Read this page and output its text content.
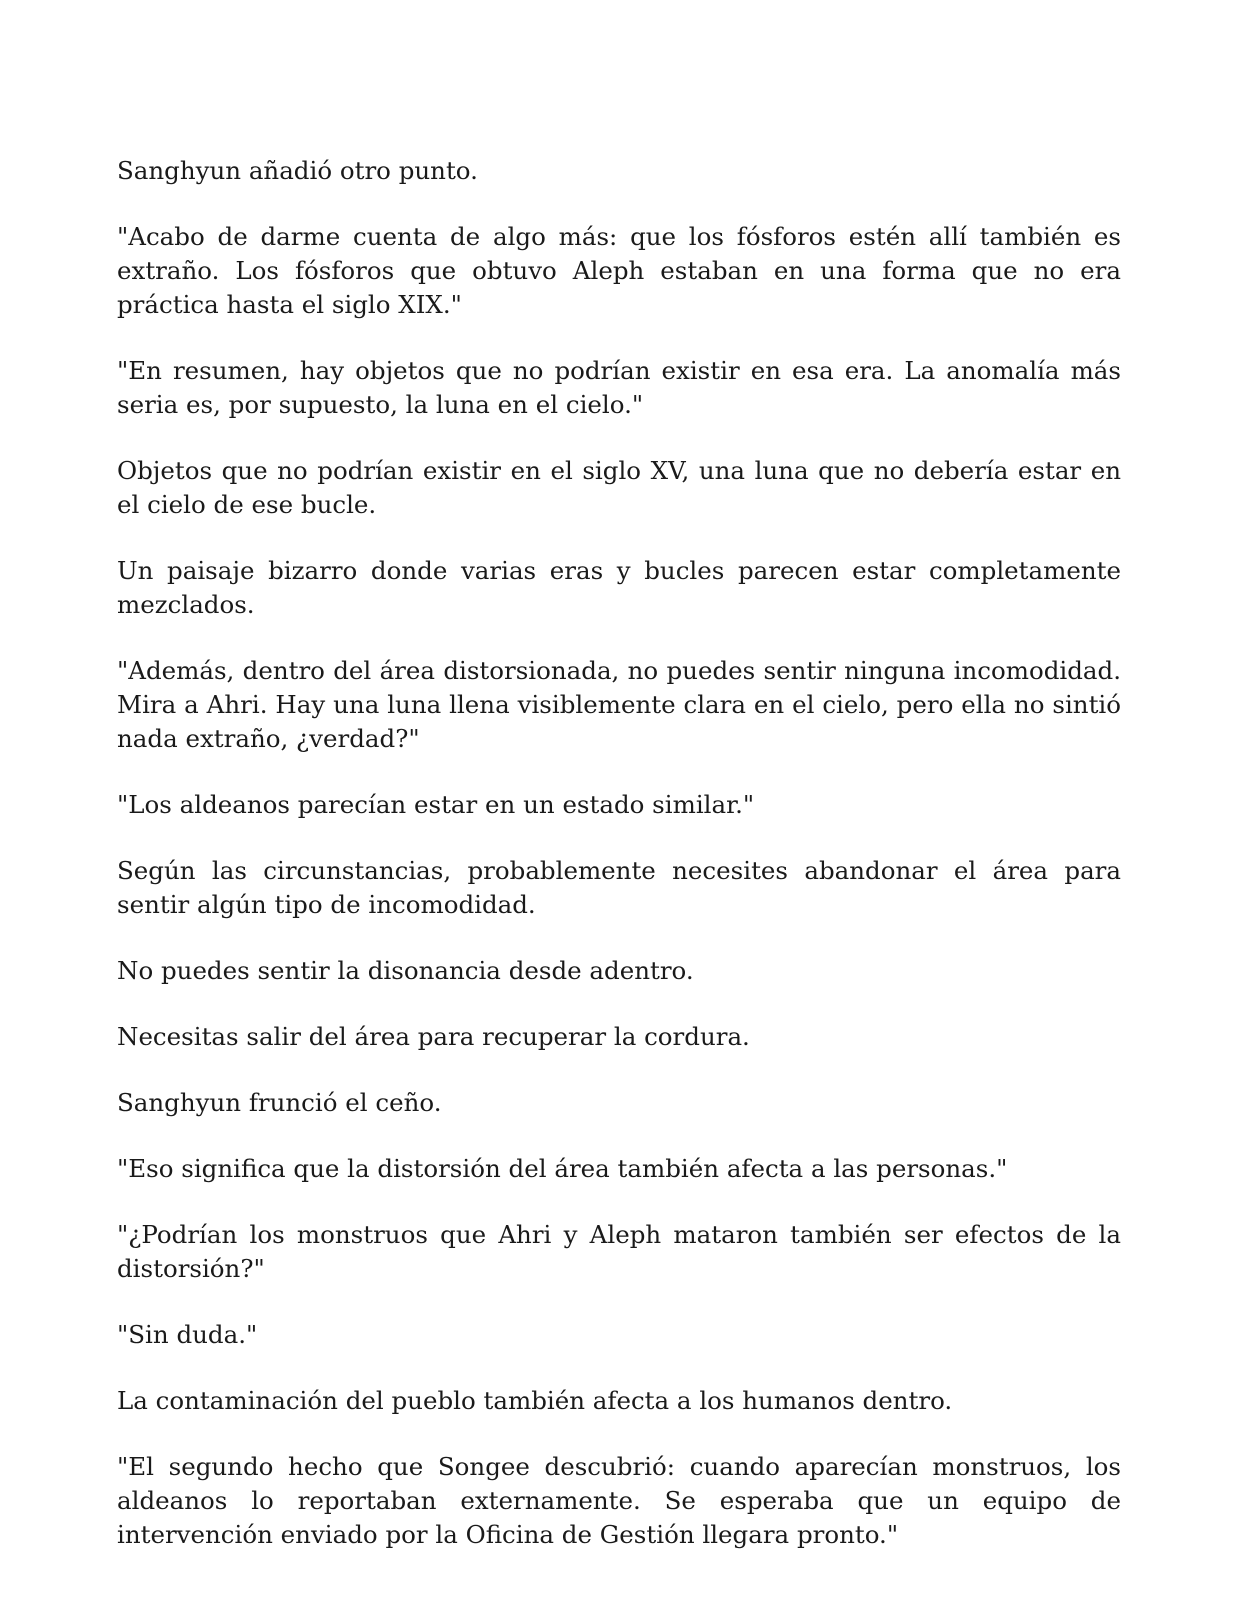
Sanghyun añadió otro punto.

"Acabo de darme cuenta de algo más: que los fósforos estén allí también es extraño. Los fósforos que obtuvo Aleph estaban en una forma que no era práctica hasta el siglo XIX."

"En resumen, hay objetos que no podrían existir en esa era. La anomalía más seria es, por supuesto, la luna en el cielo."

Objetos que no podrían existir en el siglo XV, una luna que no debería estar en el cielo de ese bucle.

Un paisaje bizarro donde varias eras y bucles parecen estar completamente mezclados.

"Además, dentro del área distorsionada, no puedes sentir ninguna incomodidad. Mira a Ahri. Hay una luna llena visiblemente clara en el cielo, pero ella no sintió nada extraño, ¿verdad?"

"Los aldeanos parecían estar en un estado similar."

Según las circunstancias, probablemente necesites abandonar el área para sentir algún tipo de incomodidad.

No puedes sentir la disonancia desde adentro.

Necesitas salir del área para recuperar la cordura.

Sanghyun frunció el ceño.

"Eso significa que la distorsión del área también afecta a las personas."

"¿Podrían los monstruos que Ahri y Aleph mataron también ser efectos de la distorsión?"

"Sin duda."

La contaminación del pueblo también afecta a los humanos dentro.

"El segundo hecho que Songee descubrió: cuando aparecían monstruos, los aldeanos lo reportaban externamente. Se esperaba que un equipo de intervención enviado por la Oficina de Gestión llegara pronto."
